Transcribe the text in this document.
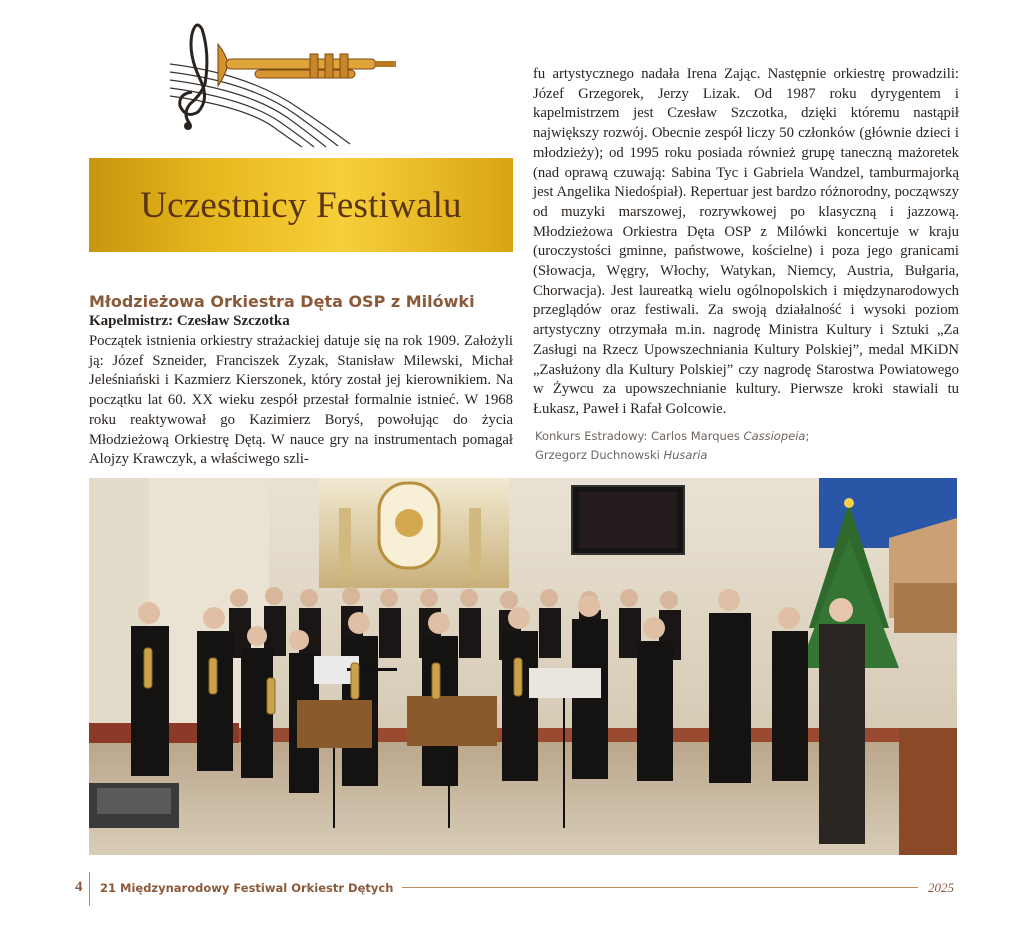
Uczestnicy Festiwalu
Młodzieżowa Orkiestra Dęta OSP z Milówki
Kapelmistrz: Czesław Szczotka

Początek istnienia orkiestry strażackiej datuje się na rok 1909. Założyli ją: Józef Szneider, Franciszek Zyzak, Stanisław Milewski, Michał Jeleśniański i Kazmierz Kierszonek, który został jej kierownikiem. Na początku lat 60. XX wieku zespół przestał formalnie istnieć. W 1968 roku reaktywował go Kazimierz Boryś, powołując do życia Młodzieżową Orkiestrę Dętą. W nauce gry na instrumentach pomagał Alojzy Krawczyk, a właściwego szli-

fu artystycznego nadała Irena Zając. Następnie orkiestrę prowadzili: Józef Grzegorek, Jerzy Lizak. Od 1987 roku dyrygentem i kapelmistrzem jest Czesław Szczotka, dzięki któremu nastąpił największy rozwój. Obecnie zespół liczy 50 członków (głównie dzieci i młodzieży); od 1995 roku posiada również grupę taneczną mażoretek (nad oprawą czuwają: Sabina Tyc i Gabriela Wandzel, tamburmajorką jest Angelika Niedośpiał). Repertuar jest bardzo różnorodny, począwszy od muzyki marszowej, rozrywkowej po klasyczną i jazzową. Młodzieżowa Orkiestra Dęta OSP z Milówki koncertuje w kraju (uroczystości gminne, państwowe, kościelne) i poza jego granicami (Słowacja, Węgry, Włochy, Watykan, Niemcy, Austria, Bułgaria, Chorwacja). Jest laureatką wielu ogólnopolskich i międzynarodowych przeglądów oraz festiwali. Za swoją działalność i wysoki poziom artystyczny otrzymała m.in. nagrodę Ministra Kultury i Sztuki „Za Zasługi na Rzecz Upowszechniania Kultury Polskiej”, medal MKiDN „Zasłużony dla Kultury Polskiej” czy nagrodę Starostwa Powiatowego w Żywcu za upowszechnianie kultury. Pierwsze kroki stawiali tu Łukasz, Paweł i Rafał Golcowie.

Konkurs Estradowy: Carlos Marques Cassiopeia;
Grzegorz Duchnowski Husaria
4 21 Międzynarodowy Festiwal Orkiestr Dętych	2025
